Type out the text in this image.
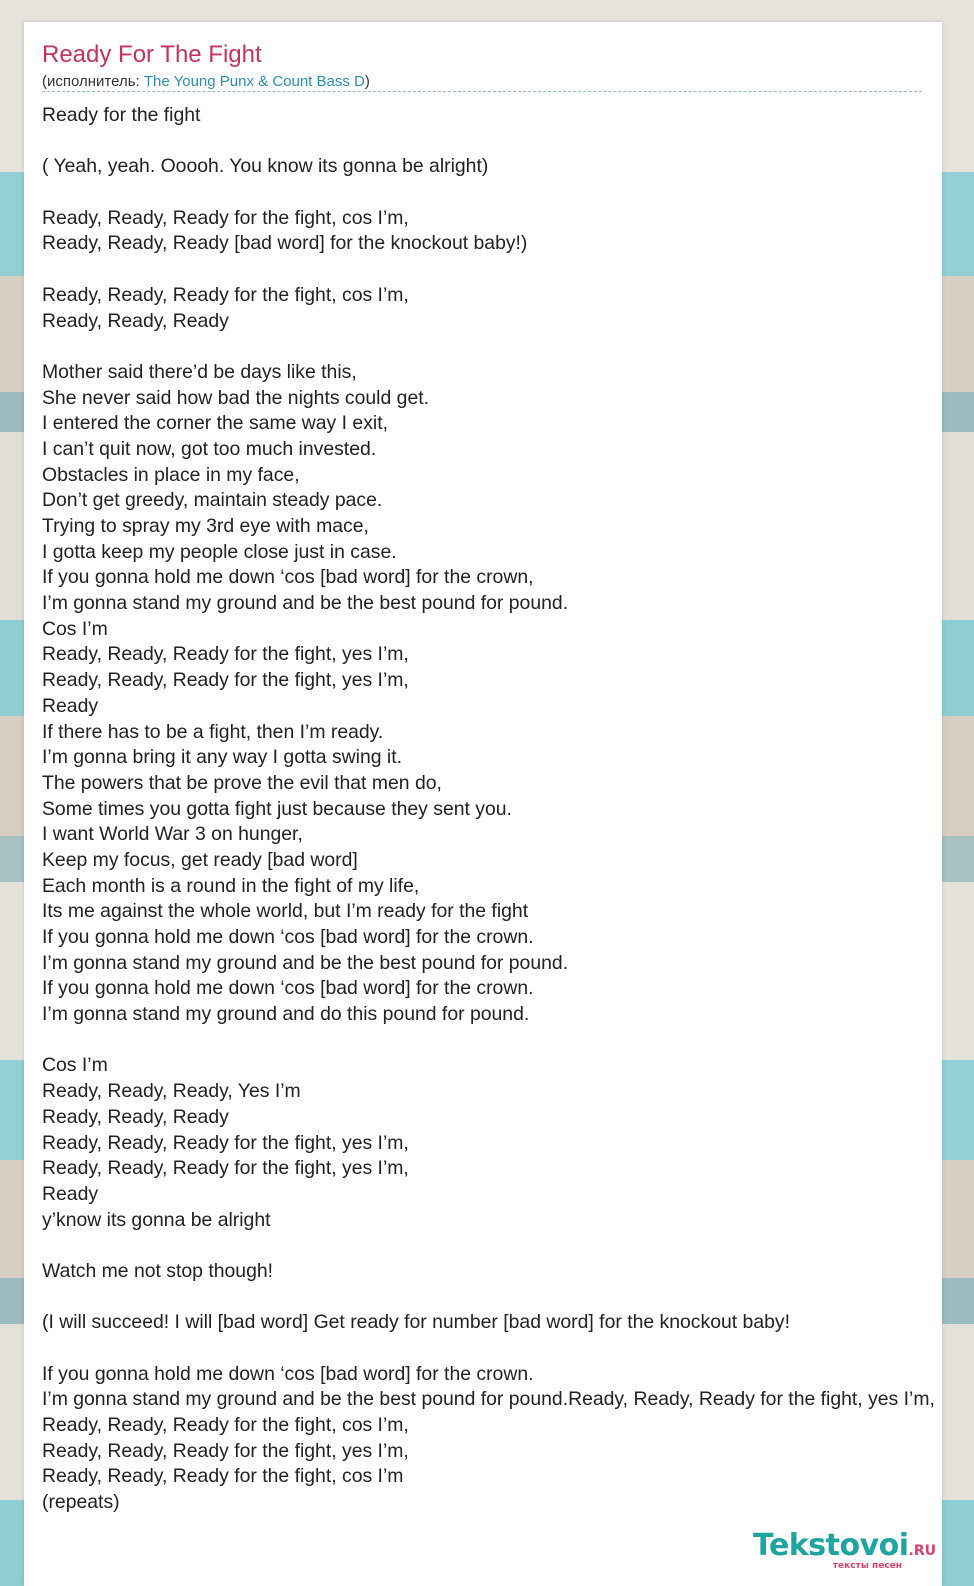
Ready For The Fight
(исполнитель: The Young Punx & Count Bass D)
Ready for the fight
( Yeah, yeah. Ooooh. You know its gonna be alright)
Ready, Ready, Ready for the fight, cos I’m,
Ready, Ready, Ready [bad word] for the knockout baby!)
Ready, Ready, Ready for the fight, cos I’m,
Ready, Ready, Ready
Mother said there’d be days like this,
She never said how bad the nights could get.
I entered the corner the same way I exit,
I can’t quit now, got too much invested.
Obstacles in place in my face,
Don’t get greedy, maintain steady pace.
Trying to spray my 3rd eye with mace,
I gotta keep my people close just in case.
If you gonna hold me down ‘cos [bad word] for the crown,
I’m gonna stand my ground and be the best pound for pound.
Cos I’m
Ready, Ready, Ready for the fight, yes I’m,
Ready, Ready, Ready for the fight, yes I’m,
Ready
If there has to be a fight, then I’m ready.
I’m gonna bring it any way I gotta swing it.
The powers that be prove the evil that men do,
Some times you gotta fight just because they sent you.
I want World War 3 on hunger,
Keep my focus, get ready [bad word]
Each month is a round in the fight of my life,
Its me against the whole world, but I’m ready for the fight
If you gonna hold me down ‘cos [bad word] for the crown.
I’m gonna stand my ground and be the best pound for pound.
If you gonna hold me down ‘cos [bad word] for the crown.
I’m gonna stand my ground and do this pound for pound.
Cos I’m
Ready, Ready, Ready, Yes I’m
Ready, Ready, Ready
Ready, Ready, Ready for the fight, yes I’m,
Ready, Ready, Ready for the fight, yes I’m,
Ready
y’know its gonna be alright
Watch me not stop though!
(I will succeed! I will [bad word] Get ready for number [bad word] for the knockout baby!
If you gonna hold me down ‘cos [bad word] for the crown.
I’m gonna stand my ground and be the best pound for pound.Ready, Ready, Ready for the fight, yes I’m,
Ready, Ready, Ready for the fight, cos I’m,
Ready, Ready, Ready for the fight, yes I’m,
Ready, Ready, Ready for the fight, cos I’m
(repeats)
Tekstovoi.RU
тексты песен
